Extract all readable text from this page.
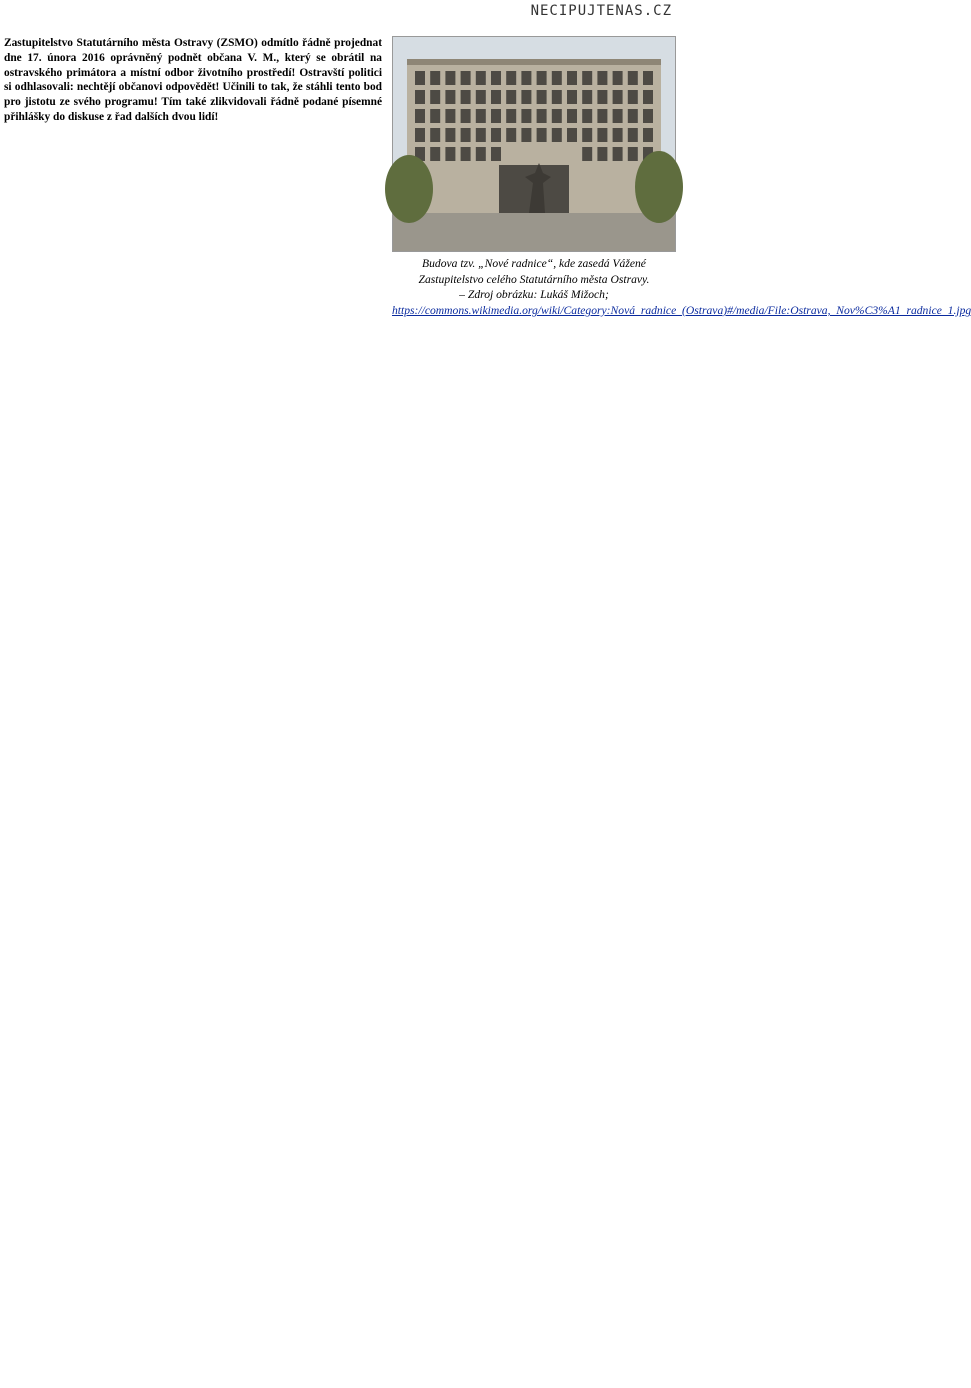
NECIPUJTENAS.CZ

Budova tzv. „Nové radnice“, kde zasedá Vážené Zastupitelstvo celého Statutárního města Ostravy.
– Zdroj obrázku: Lukáš Mižoch;
https://commons.wikimedia.org/wiki/Category:Nová_radnice_(Ostrava)#/media/File:Ostrava,_Nov%C3%A1_radnice_1.jpg

Zastupitelstvo Statutárního města Ostravy (ZSMO) odmítlo řádně projednat dne 17. února 2016 oprávněný podnět občana V. M., který se obrátil na ostravského primátora a místní odbor životního prostředí! Ostravští politici si odhlasovali: nechtějí občanovi odpovědět! Učinili to tak, že stáhli tento bod pro jistotu ze svého programu! Tím také zlikvidovali řádně podané písemné přihlášky do diskuse z řad dalších dvou lidí!
